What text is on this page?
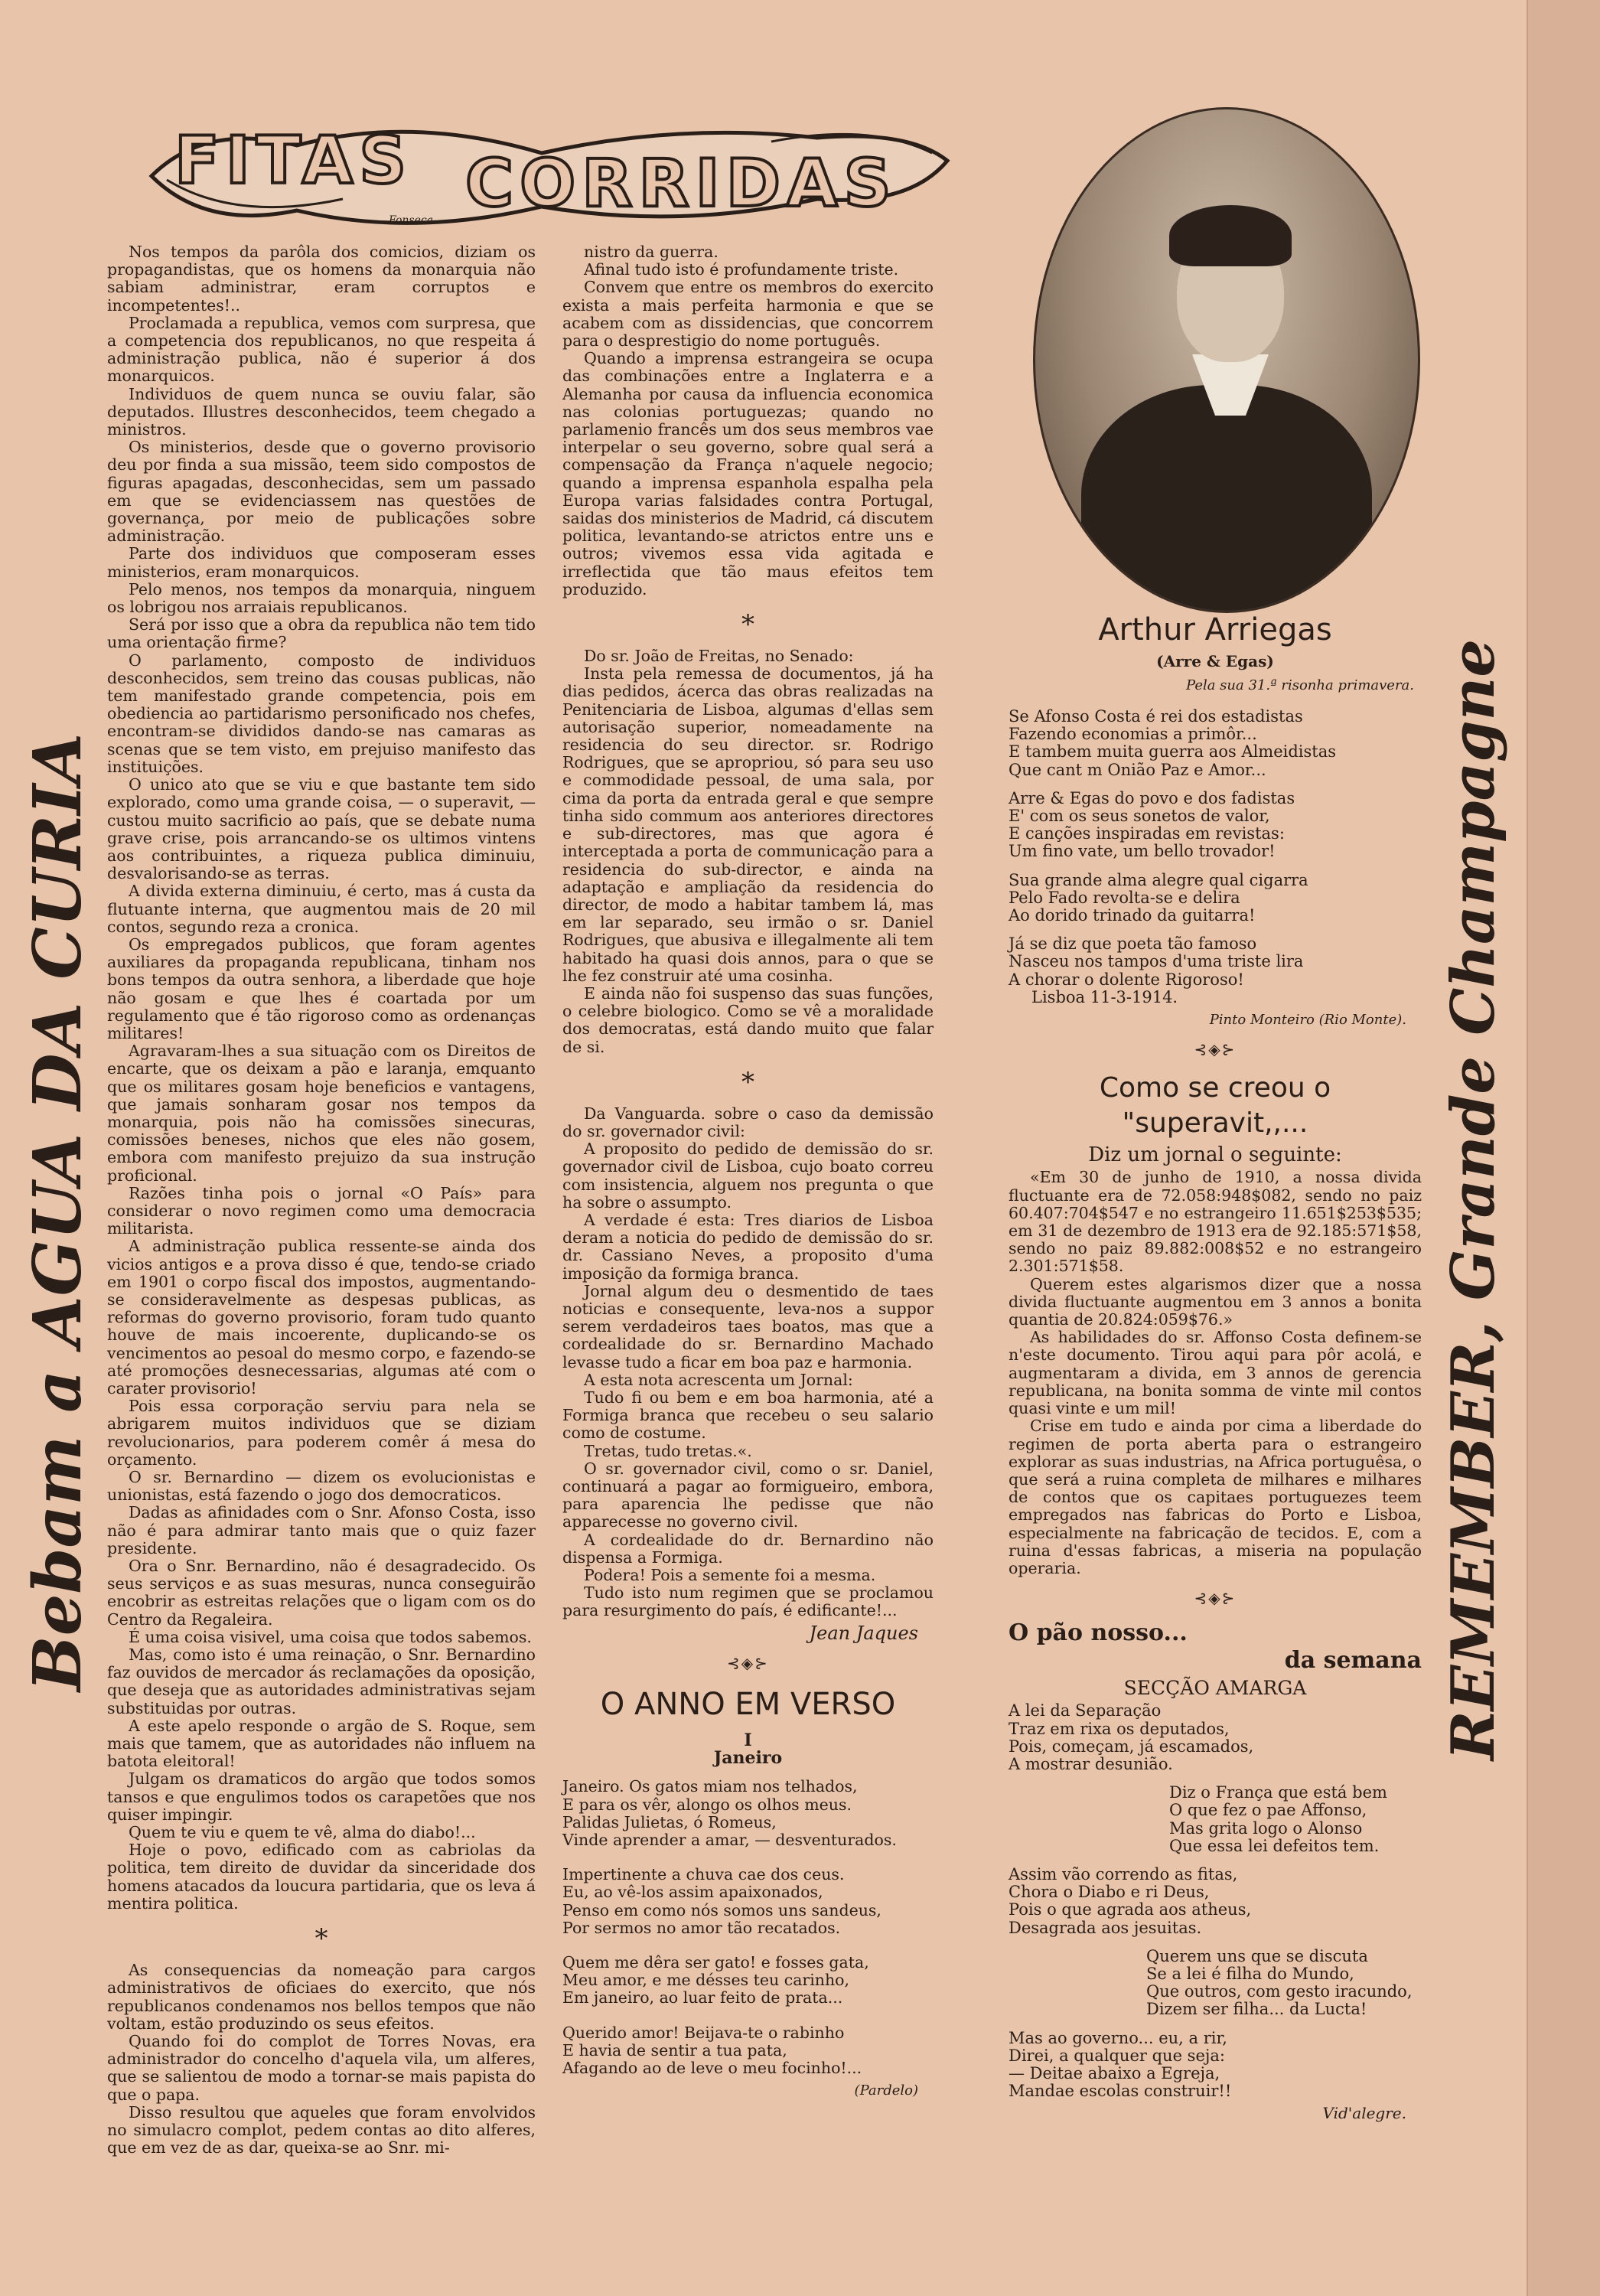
FITAS CORRIDAS
Fonseca
Bebam a AGUA DA CURIA	REMEMBER, Grande Champagne

Nos tempos da parôla dos comicios, diziam os propagandistas, que os homens da monarquia não sabiam administrar, eram corruptos e incompetentes!..

Proclamada a republica, vemos com surpresa, que a competencia dos republicanos, no que respeita á administração publica, não é superior á dos monarquicos.

Individuos de quem nunca se ouviu falar, são deputados. Illustres desconhecidos, teem chegado a ministros.

Os ministerios, desde que o governo provisorio deu por finda a sua missão, teem sido compostos de figuras apagadas, desconhecidas, sem um passado em que se evidenciassem nas questões de governança, por meio de publicações sobre administração.

Parte dos individuos que composeram esses ministerios, eram monarquicos.

Pelo menos, nos tempos da monarquia, ninguem os lobrigou nos arraiais republicanos.

Será por isso que a obra da republica não tem tido uma orientação firme?

O parlamento, composto de individuos desconhecidos, sem treino das cousas publicas, não tem manifestado grande competencia, pois em obediencia ao partidarismo personificado nos chefes, encontram-se divididos dando-se nas camaras as scenas que se tem visto, em prejuiso manifesto das instituições.

O unico ato que se viu e que bastante tem sido explorado, como uma grande coisa, — o superavit, — custou muito sacrificio ao país, que se debate numa grave crise, pois arrancando-se os ultimos vintens aos contribuintes, a riqueza publica diminuiu, desvalorisando-se as terras.

A divida externa diminuiu, é certo, mas á custa da flutuante interna, que augmentou mais de 20 mil contos, segundo reza a cronica.

Os empregados publicos, que foram agentes auxiliares da propaganda republicana, tinham nos bons tempos da outra senhora, a liberdade que hoje não gosam e que lhes é coartada por um regulamento que é tão rigoroso como as ordenanças militares!

Agravaram-lhes a sua situação com os Direitos de encarte, que os deixam a pão e laranja, emquanto que os militares gosam hoje beneficios e vantagens, que jamais sonharam gosar nos tempos da monarquia, pois não ha comissões sinecuras, comissões beneses, nichos que eles não gosem, embora com manifesto prejuizo da sua instrução proficional.

Razões tinha pois o jornal «O País» para considerar o novo regimen como uma democracia militarista.

A administração publica ressente-se ainda dos vicios antigos e a prova disso é que, tendo-se criado em 1901 o corpo fiscal dos impostos, augmentando-se consideravelmente as despesas publicas, as reformas do governo provisorio, foram tudo quanto houve de mais incoerente, duplicando-se os vencimentos ao pesoal do mesmo corpo, e fazendo-se até promoções desnecessarias, algumas até com o carater provisorio!

Pois essa corporação serviu para nela se abrigarem muitos individuos que se diziam revolucionarios, para poderem comêr á mesa do orçamento.

O sr. Bernardino — dizem os evolucionistas e unionistas, está fazendo o jogo dos democraticos.

Dadas as afinidades com o Snr. Afonso Costa, isso não é para admirar tanto mais que o quiz fazer presidente.

Ora o Snr. Bernardino, não é desagradecido. Os seus serviços e as suas mesuras, nunca conseguirão encobrir as estreitas relações que o ligam com os do Centro da Regaleira.

É uma coisa visivel, uma coisa que todos sabemos.

Mas, como isto é uma reinação, o Snr. Bernardino faz ouvidos de mercador ás reclamações da oposição, que deseja que as autoridades administrativas sejam substituidas por outras.

A este apelo responde o argão de S. Roque, sem mais que tamem, que as autoridades não influem na batota eleitoral!

Julgam os dramaticos do argão que todos somos tansos e que engulimos todos os carapetões que nos quiser impingir.

Quem te viu e quem te vê, alma do diabo!...

Hoje o povo, edificado com as cabriolas da politica, tem direito de duvidar da sinceridade dos homens atacados da loucura partidaria, que os leva á mentira politica.

*

As consequencias da nomeação para cargos administrativos de oficiaes do exercito, que nós republicanos condenamos nos bellos tempos que não voltam, estão produzindo os seus efeitos.

Quando foi do complot de Torres Novas, era administrador do concelho d'aquela vila, um alferes, que se salientou de modo a tornar-se mais papista do que o papa.

Disso resultou que aqueles que foram envolvidos no simulacro complot, pedem contas ao dito alferes, que em vez de as dar, queixa-se ao Snr. mi-

nistro da guerra.

Afinal tudo isto é profundamente triste.

Convem que entre os membros do exercito exista a mais perfeita harmonia e que se acabem com as dissidencias, que concorrem para o desprestigio do nome português.

Quando a imprensa estrangeira se ocupa das combinações entre a Inglaterra e a Alemanha por causa da influencia economica nas colonias portuguezas; quando no parlamenio francês um dos seus membros vae interpelar o seu governo, sobre qual será a compensação da França n'aquele negocio; quando a imprensa espanhola espalha pela Europa varias falsidades contra Portugal, saidas dos ministerios de Madrid, cá discutem politica, levantando-se atrictos entre uns e outros; vivemos essa vida agitada e irreflectida que tão maus efeitos tem produzido.

*

Do sr. João de Freitas, no Senado:

Insta pela remessa de documentos, já ha dias pedidos, ácerca das obras realizadas na Penitenciaria de Lisboa, algumas d'ellas sem autorisação superior, nomeadamente na residencia do seu director. sr. Rodrigo Rodrigues, que se apropriou, só para seu uso e commodidade pessoal, de uma sala, por cima da porta da entrada geral e que sempre tinha sido commum aos anteriores directores e sub-directores, mas que agora é interceptada a porta de communicação para a residencia do sub-director, e ainda na adaptação e ampliação da residencia do director, de modo a habitar tambem lá, mas em lar separado, seu irmão o sr. Daniel Rodrigues, que abusiva e illegalmente ali tem habitado ha quasi dois annos, para o que se lhe fez construir até uma cosinha.

E ainda não foi suspenso das suas funções, o celebre biologico. Como se vê a moralidade dos democratas, está dando muito que falar de si.

*

Da Vanguarda. sobre o caso da demissão do sr. governador civil:

A proposito do pedido de demissão do sr. governador civil de Lisboa, cujo boato correu com insistencia, alguem nos pregunta o que ha sobre o assumpto.

A verdade é esta: Tres diarios de Lisboa deram a noticia do pedido de demissão do sr. dr. Cassiano Neves, a proposito d'uma imposição da formiga branca.

Jornal algum deu o desmentido de taes noticias e consequente, leva-nos a suppor serem verdadeiros taes boatos, mas que a cordealidade do sr. Bernardino Machado levasse tudo a ficar em boa paz e harmonia.

A esta nota acrescenta um Jornal:

Tudo fi ou bem e em boa harmonia, até a Formiga branca que recebeu o seu salario como de costume.

Tretas, tudo tretas.«.

O sr. governador civil, como o sr. Daniel, continuará a pagar ao formigueiro, embora, para aparencia lhe pedisse que não apparecesse no governo civil.

A cordealidade do dr. Bernardino não dispensa a Formiga.

Podera! Pois a semente foi a mesma.

Tudo isto num regimen que se proclamou para resurgimento do país, é edificante!...

Jean Jaques

⊰◈⊱

O ANNO EM VERSO

I

Janeiro

Janeiro. Os gatos miam nos telhados,

E para os vêr, alongo os olhos meus.

Palidas Julietas, ó Romeus,

Vinde aprender a amar, — desventurados.

Impertinente a chuva cae dos ceus.

Eu, ao vê-los assim apaixonados,

Penso em como nós somos uns sandeus,

Por sermos no amor tão recatados.

Quem me dêra ser gato! e fosses gata,

Meu amor, e me désses teu carinho,

Em janeiro, ao luar feito de prata...

Querido amor! Beijava-te o rabinho

E havia de sentir a tua pata,

Afagando ao de leve o meu focinho!...

(Pardelo)

Arthur Arriegas
(Arre & Egas)
Pela sua 31.ª risonha primavera.

Se Afonso Costa é rei dos estadistas

Fazendo economias a primôr...

E tambem muita guerra aos Almeidistas

Que cant m Onião Paz e Amor...

Arre & Egas do povo e dos fadistas

E' com os seus sonetos de valor,

E canções inspiradas em revistas:

Um fino vate, um bello trovador!

Sua grande alma alegre qual cigarra

Pelo Fado revolta-se e delira

Ao dorido trinado da guitarra!

Já se diz que poeta tão famoso

Nasceu nos tampos d'uma triste lira

A chorar o dolente Rigoroso!

Lisboa 11-3-1914.

Pinto Monteiro (Rio Monte).

⊰◈⊱

Como se creou o "superavit,,...

Diz um jornal o seguinte:

«Em 30 de junho de 1910, a nossa divida fluctuante era de 72.058:948$082, sendo no paiz 60.407:704$547 e no estrangeiro 11.651$253$535; em 31 de dezembro de 1913 era de 92.185:571$58, sendo no paiz 89.882:008$52 e no estrangeiro 2.301:571$58.

Querem estes algarismos dizer que a nossa divida fluctuante augmentou em 3 annos a bonita quantia de 20.824:059$76.»

As habilidades do sr. Affonso Costa definem-se n'este documento. Tirou aqui para pôr acolá, e augmentaram a divida, em 3 annos de gerencia republicana, na bonita somma de vinte mil contos quasi vinte e um mil!

Crise em tudo e ainda por cima a liberdade do regimen de porta aberta para o estrangeiro explorar as suas industrias, na Africa portuguêsa, o que será a ruina completa de milhares e milhares de contos que os capitaes portuguezes teem empregados nas fabricas do Porto e Lisboa, especialmente na fabricação de tecidos. E, com a ruina d'essas fabricas, a miseria na população operaria.

⊰◈⊱

O pão nosso...

da semana

SECÇÃO AMARGA

A lei da Separação

Traz em rixa os deputados,

Pois, começam, já escamados,

A mostrar desunião.

Diz o França que está bem

O que fez o pae Affonso,

Mas grita logo o Alonso

Que essa lei defeitos tem.

Assim vão correndo as fitas,

Chora o Diabo e ri Deus,

Pois o que agrada aos atheus,

Desagrada aos jesuitas.

Querem uns que se discuta

Se a lei é filha do Mundo,

Que outros, com gesto iracundo,

Dizem ser filha... da Lucta!

Mas ao governo... eu, a rir,

Direi, a qualquer que seja:

— Deitae abaixo a Egreja,

Mandae escolas construir!!

Vid'alegre.
